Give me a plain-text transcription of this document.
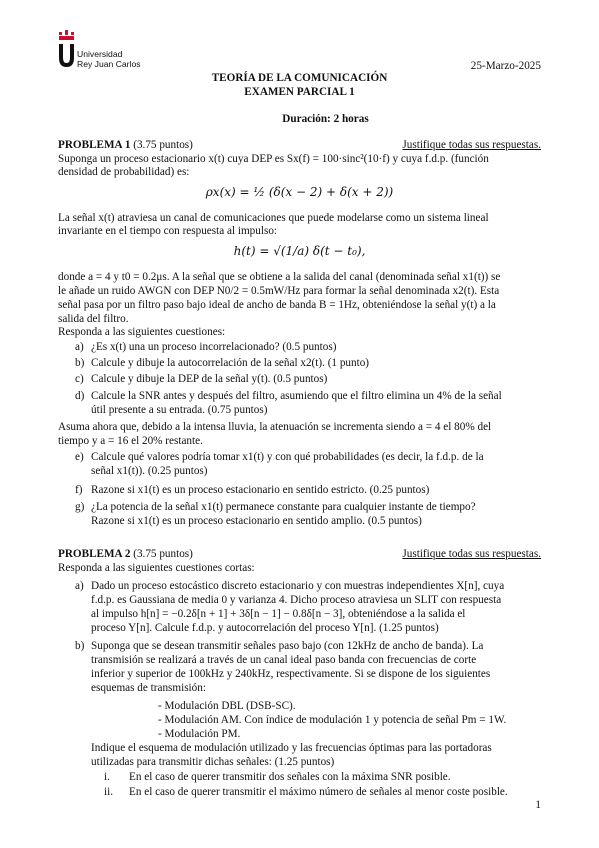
Universidad
Rey Juan Carlos	25-Marzo-2025
TEORÍA DE LA COMUNICACIÓN
EXAMEN PARCIAL 1
Duración: 2 horas
PROBLEMA 1 (3.75 puntos)	Justifique todas sus respuestas.
Suponga un proceso estacionario x(t) cuya DEP es Sx(f) = 100·sinc²(10·f) y cuya f.d.p. (función
densidad de probabilidad) es:
ρx(x) = ½ (δ(x − 2) + δ(x + 2))
La señal x(t) atraviesa un canal de comunicaciones que puede modelarse como un sistema lineal
invariante en el tiempo con respuesta al impulso:
h(t) = √(1/a) δ(t − t₀),
donde a = 4 y t0 = 0.2μs. A la señal que se obtiene a la salida del canal (denominada señal x1(t)) se
le añade un ruido AWGN con DEP N0/2 = 0.5mW/Hz para formar la señal denominada x2(t). Esta
señal pasa por un filtro paso bajo ideal de ancho de banda B = 1Hz, obteniéndose la señal y(t) a la
salida del filtro.
Responda a las siguientes cuestiones:
a) ¿Es x(t) una un proceso incorrelacionado? (0.5 puntos)
b) Calcule y dibuje la autocorrelación de la señal x2(t). (1 punto)
c) Calcule y dibuje la DEP de la señal y(t). (0.5 puntos)
d) Calcule la SNR antes y después del filtro, asumiendo que el filtro elimina un 4% de la señal
útil presente a su entrada. (0.75 puntos)
Asuma ahora que, debido a la intensa lluvia, la atenuación se incrementa siendo a = 4 el 80% del
tiempo y a = 16 el 20% restante.
e) Calcule qué valores podría tomar x1(t) y con qué probabilidades (es decir, la f.d.p. de la
señal x1(t)). (0.25 puntos)
f) Razone si x1(t) es un proceso estacionario en sentido estricto. (0.25 puntos)
g) ¿La potencia de la señal x1(t) permanece constante para cualquier instante de tiempo?
Razone si x1(t) es un proceso estacionario en sentido amplio. (0.5 puntos)
PROBLEMA 2 (3.75 puntos)	Justifique todas sus respuestas.
Responda a las siguientes cuestiones cortas:
a) Dado un proceso estocástico discreto estacionario y con muestras independientes X[n], cuya
f.d.p. es Gaussiana de media 0 y varianza 4. Dicho proceso atraviesa un SLIT con respuesta
al impulso h[n] = −0.2δ[n + 1] + 3δ[n − 1] − 0.8δ[n − 3], obteniéndose a la salida el
proceso Y[n]. Calcule f.d.p. y autocorrelación del proceso Y[n]. (1.25 puntos)
b) Suponga que se desean transmitir señales paso bajo (con 12kHz de ancho de banda). La
transmisión se realizará a través de un canal ideal paso banda con frecuencias de corte
inferior y superior de 100kHz y 240kHz, respectivamente. Si se dispone de los siguientes
esquemas de transmisión:
- Modulación DBL (DSB-SC).
- Modulación AM. Con índice de modulación 1 y potencia de señal Pm = 1W.
- Modulación PM.
Indique el esquema de modulación utilizado y las frecuencias óptimas para las portadoras
utilizadas para transmitir dichas señales: (1.25 puntos)
i. En el caso de querer transmitir dos señales con la máxima SNR posible.
ii. En el caso de querer transmitir el máximo número de señales al menor coste posible.
1
